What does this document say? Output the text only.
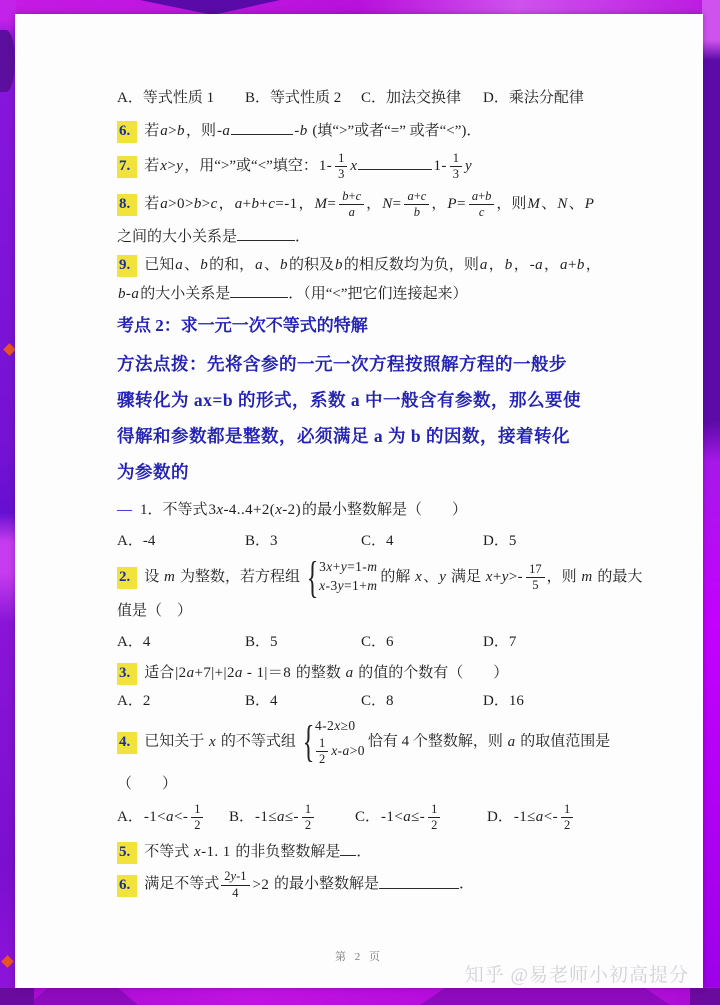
A．等式性质 1	B．等式性质 2	C．加法交换律	D．乘法分配律
6. 若a>b，则-a	-b (填“>”或者“=” 或者“<”)．
7. 若x>y，用“>”或“<”填空：$1- \frac{1}{3}$ x	$1- \frac{1}{3}$ y
8. 若a>0>b>c，a+b+c=-1，$M= \frac{b+c}{a}$ ，$N= \frac{a+c}{b}$ ，$P= \frac{a+b}{c}$ ，则M、N、P
之间的大小关系是	．
9. 已知a、b的和，a、b的积及b的相反数均为负，则a，b，-a，a+b，
b-a的大小关系是	．（用“<”把它们连接起来）
考点 2：求一元一次不等式的特解
方法点拨：先将含参的一元一次方程按照解方程的一般步
骤转化为 ax=b 的形式，系数 a 中一般含有参数，那么要使
得解和参数都是整数，必须满足 a 为 b 的因数，接着转化
为参数的
— 1．不等式3x-4..4+2(x-2)的最小整数解是（　　）
A．-4	B．3	C．4	D．5
2. 设 m 为整数，若方程组 { 3x+y=1-m
x-3y=1+m
的解 x、y 满足 $x+y>- \frac{17}{5}$ ，则 m 的最大
值是（　）
A．4	B．5	C．6	D．7
3. 适合|2a+7|+|2a - 1|＝8 的整数 a 的值的个数有（　　）
A．2	B．4	C．8	D．16
4. 已知关于 x 的不等式组 { 4-2x≥0
$\frac{1}{2} x-a>0$
恰有 4 个整数解，则 a 的取值范围是
（　　）
A．$-1<a<- \frac{1}{2}$ B．$-1\le a\le- \frac{1}{2}$	C．$-1<a\le- \frac{1}{2}$	D．$-1\le a<- \frac{1}{2}$
5. 不等式 x-1. 1 的非负整数解是 ．
6. 满足不等式 $\frac{2y-1}{4} >2$ 的最小整数解是	．
第 2 页
知乎 @易老师小初高提分
